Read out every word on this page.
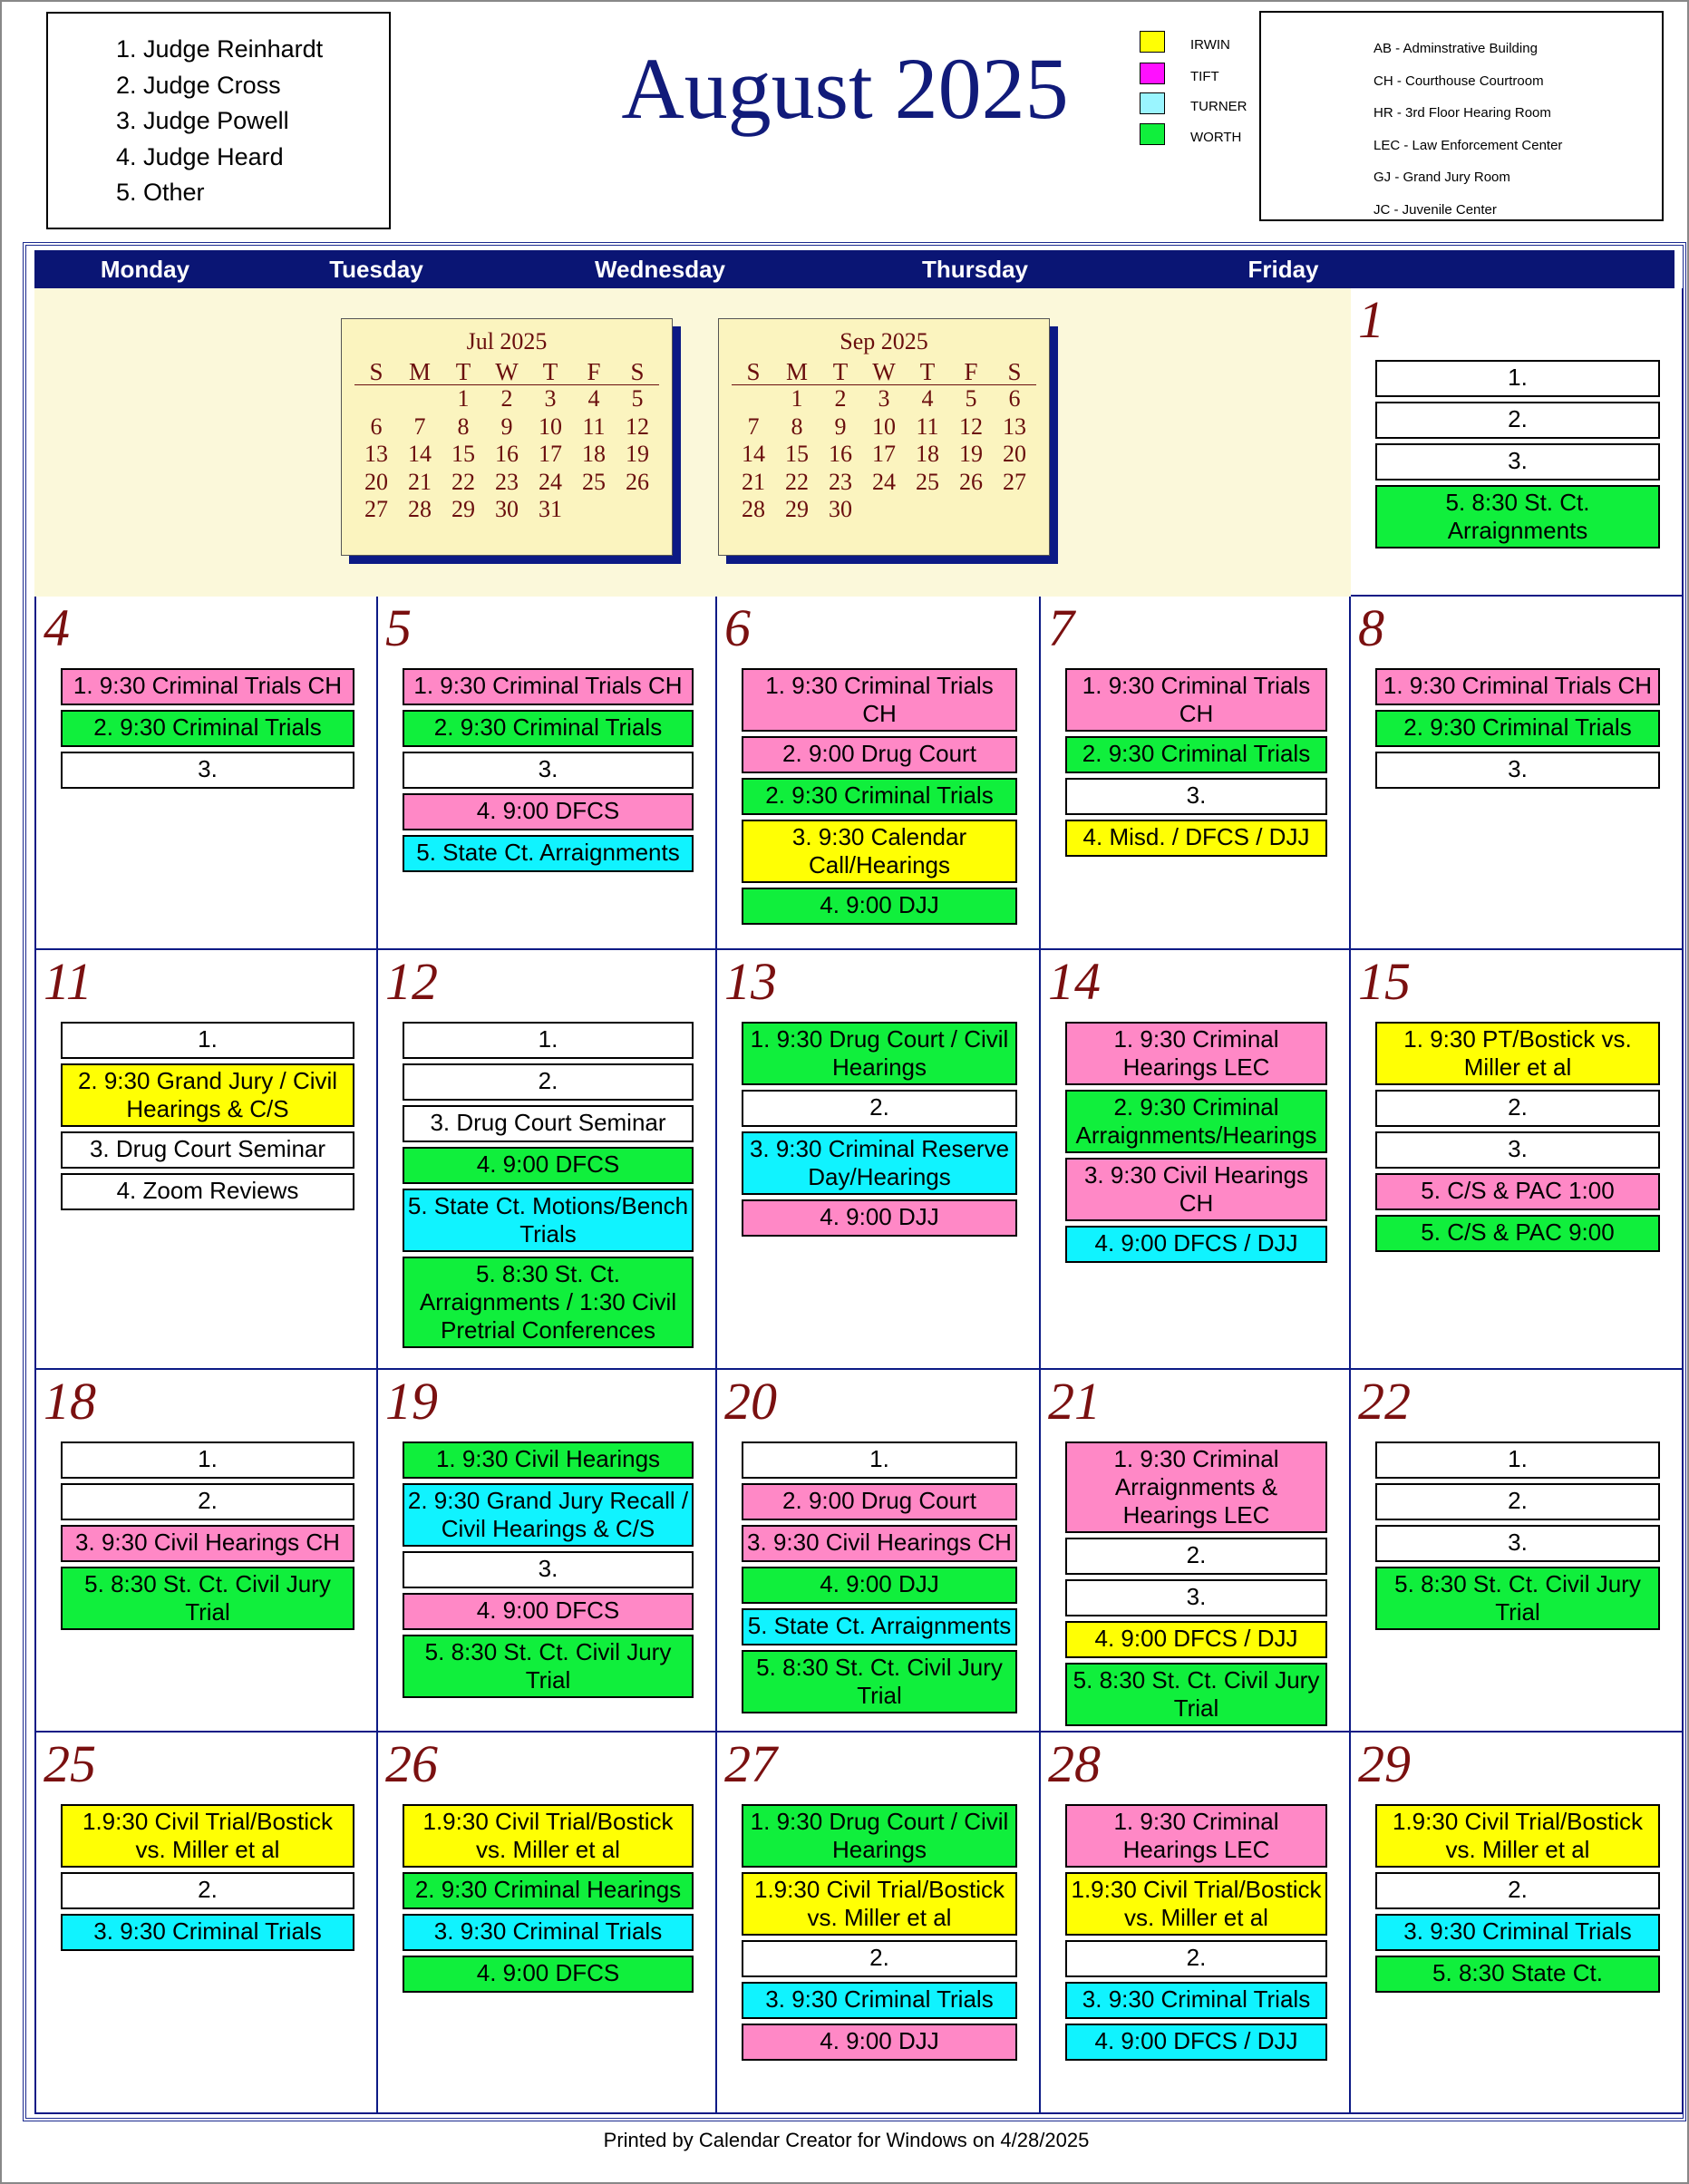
1. Judge Reinhardt
2. Judge Cross
3. Judge Powell
4. Judge Heard
5. Other
August 2025	IRWIN
TIFT
TURNER
WORTH
AB - Adminstrative Building
CH - Courthouse Courtroom
HR - 3rd Floor Hearing Room
LEC - Law Enforcement Center
GJ - Grand Jury Room
JC - Juvenile Center
Monday	Tuesday	Wednesday	Thursday	Friday
Jul 2025
S	M	T	W	T	F	S
		1	2	3	4	5
6	7	8	9	10	11	12
13	14	15	16	17	18	19
20	21	22	23	24	25	26
27	28	29	30	31		
Sep 2025
S	M	T	W	T	F	S
	1	2	3	4	5	6
7	8	9	10	11	12	13
14	15	16	17	18	19	20
21	22	23	24	25	26	27
28	29	30				
1
1.
2.
3.
5. 8:30 St. Ct. Arraignments
4
1. 9:30 Criminal Trials CH
2. 9:30 Criminal Trials
3.
5
1. 9:30 Criminal Trials CH
2. 9:30 Criminal Trials
3.
4. 9:00 DFCS
5. State Ct. Arraignments
6
1. 9:30 Criminal Trials CH
2. 9:00 Drug Court
2. 9:30 Criminal Trials
3. 9:30 Calendar Call/Hearings
4. 9:00 DJJ
7
1. 9:30 Criminal Trials CH
2. 9:30 Criminal Trials
3.
4. Misd. / DFCS / DJJ
8
1. 9:30 Criminal Trials CH
2. 9:30 Criminal Trials
3.
11
1.
2. 9:30 Grand Jury / Civil Hearings & C/S
3. Drug Court Seminar
4. Zoom Reviews
12
1.
2.
3. Drug Court Seminar
4. 9:00 DFCS
5. State Ct. Motions/Bench Trials
5. 8:30 St. Ct. Arraignments / 1:30 Civil Pretrial Conferences
13
1. 9:30 Drug Court / Civil Hearings
2.
3. 9:30 Criminal Reserve Day/Hearings
4. 9:00 DJJ
14
1. 9:30 Criminal Hearings LEC
2. 9:30 Criminal Arraignments/Hearings
3. 9:30 Civil Hearings CH
4. 9:00 DFCS / DJJ
15
1. 9:30 PT/Bostick vs. Miller et al
2.
3.
5. C/S & PAC 1:00
5. C/S & PAC 9:00
18
1.
2.
3. 9:30 Civil Hearings CH
5. 8:30 St. Ct. Civil Jury Trial
19
1. 9:30 Civil Hearings
2. 9:30 Grand Jury Recall / Civil Hearings & C/S
3.
4. 9:00 DFCS
5. 8:30 St. Ct. Civil Jury Trial
20
1.
2. 9:00 Drug Court
3. 9:30 Civil Hearings CH
4. 9:00 DJJ
5. State Ct. Arraignments
5. 8:30 St. Ct. Civil Jury Trial
21
1. 9:30 Criminal Arraignments & Hearings LEC
2.
3.
4. 9:00 DFCS / DJJ
5. 8:30 St. Ct. Civil Jury Trial
22
1.
2.
3.
5. 8:30 St. Ct. Civil Jury Trial
25
1.9:30 Civil Trial/Bostick vs. Miller et al
2.
3. 9:30 Criminal Trials
26
1.9:30 Civil Trial/Bostick vs. Miller et al
2. 9:30 Criminal Hearings
3. 9:30 Criminal Trials
4. 9:00 DFCS
27
1. 9:30 Drug Court / Civil Hearings
1.9:30 Civil Trial/Bostick vs. Miller et al
2.
3. 9:30 Criminal Trials
4. 9:00 DJJ
28
1. 9:30 Criminal Hearings LEC
1.9:30 Civil Trial/Bostick vs. Miller et al
2.
3. 9:30 Criminal Trials
4. 9:00 DFCS / DJJ
29
1.9:30 Civil Trial/Bostick vs. Miller et al
2.
3. 9:30 Criminal Trials
5. 8:30 State Ct.
Printed by Calendar Creator for Windows on 4/28/2025
